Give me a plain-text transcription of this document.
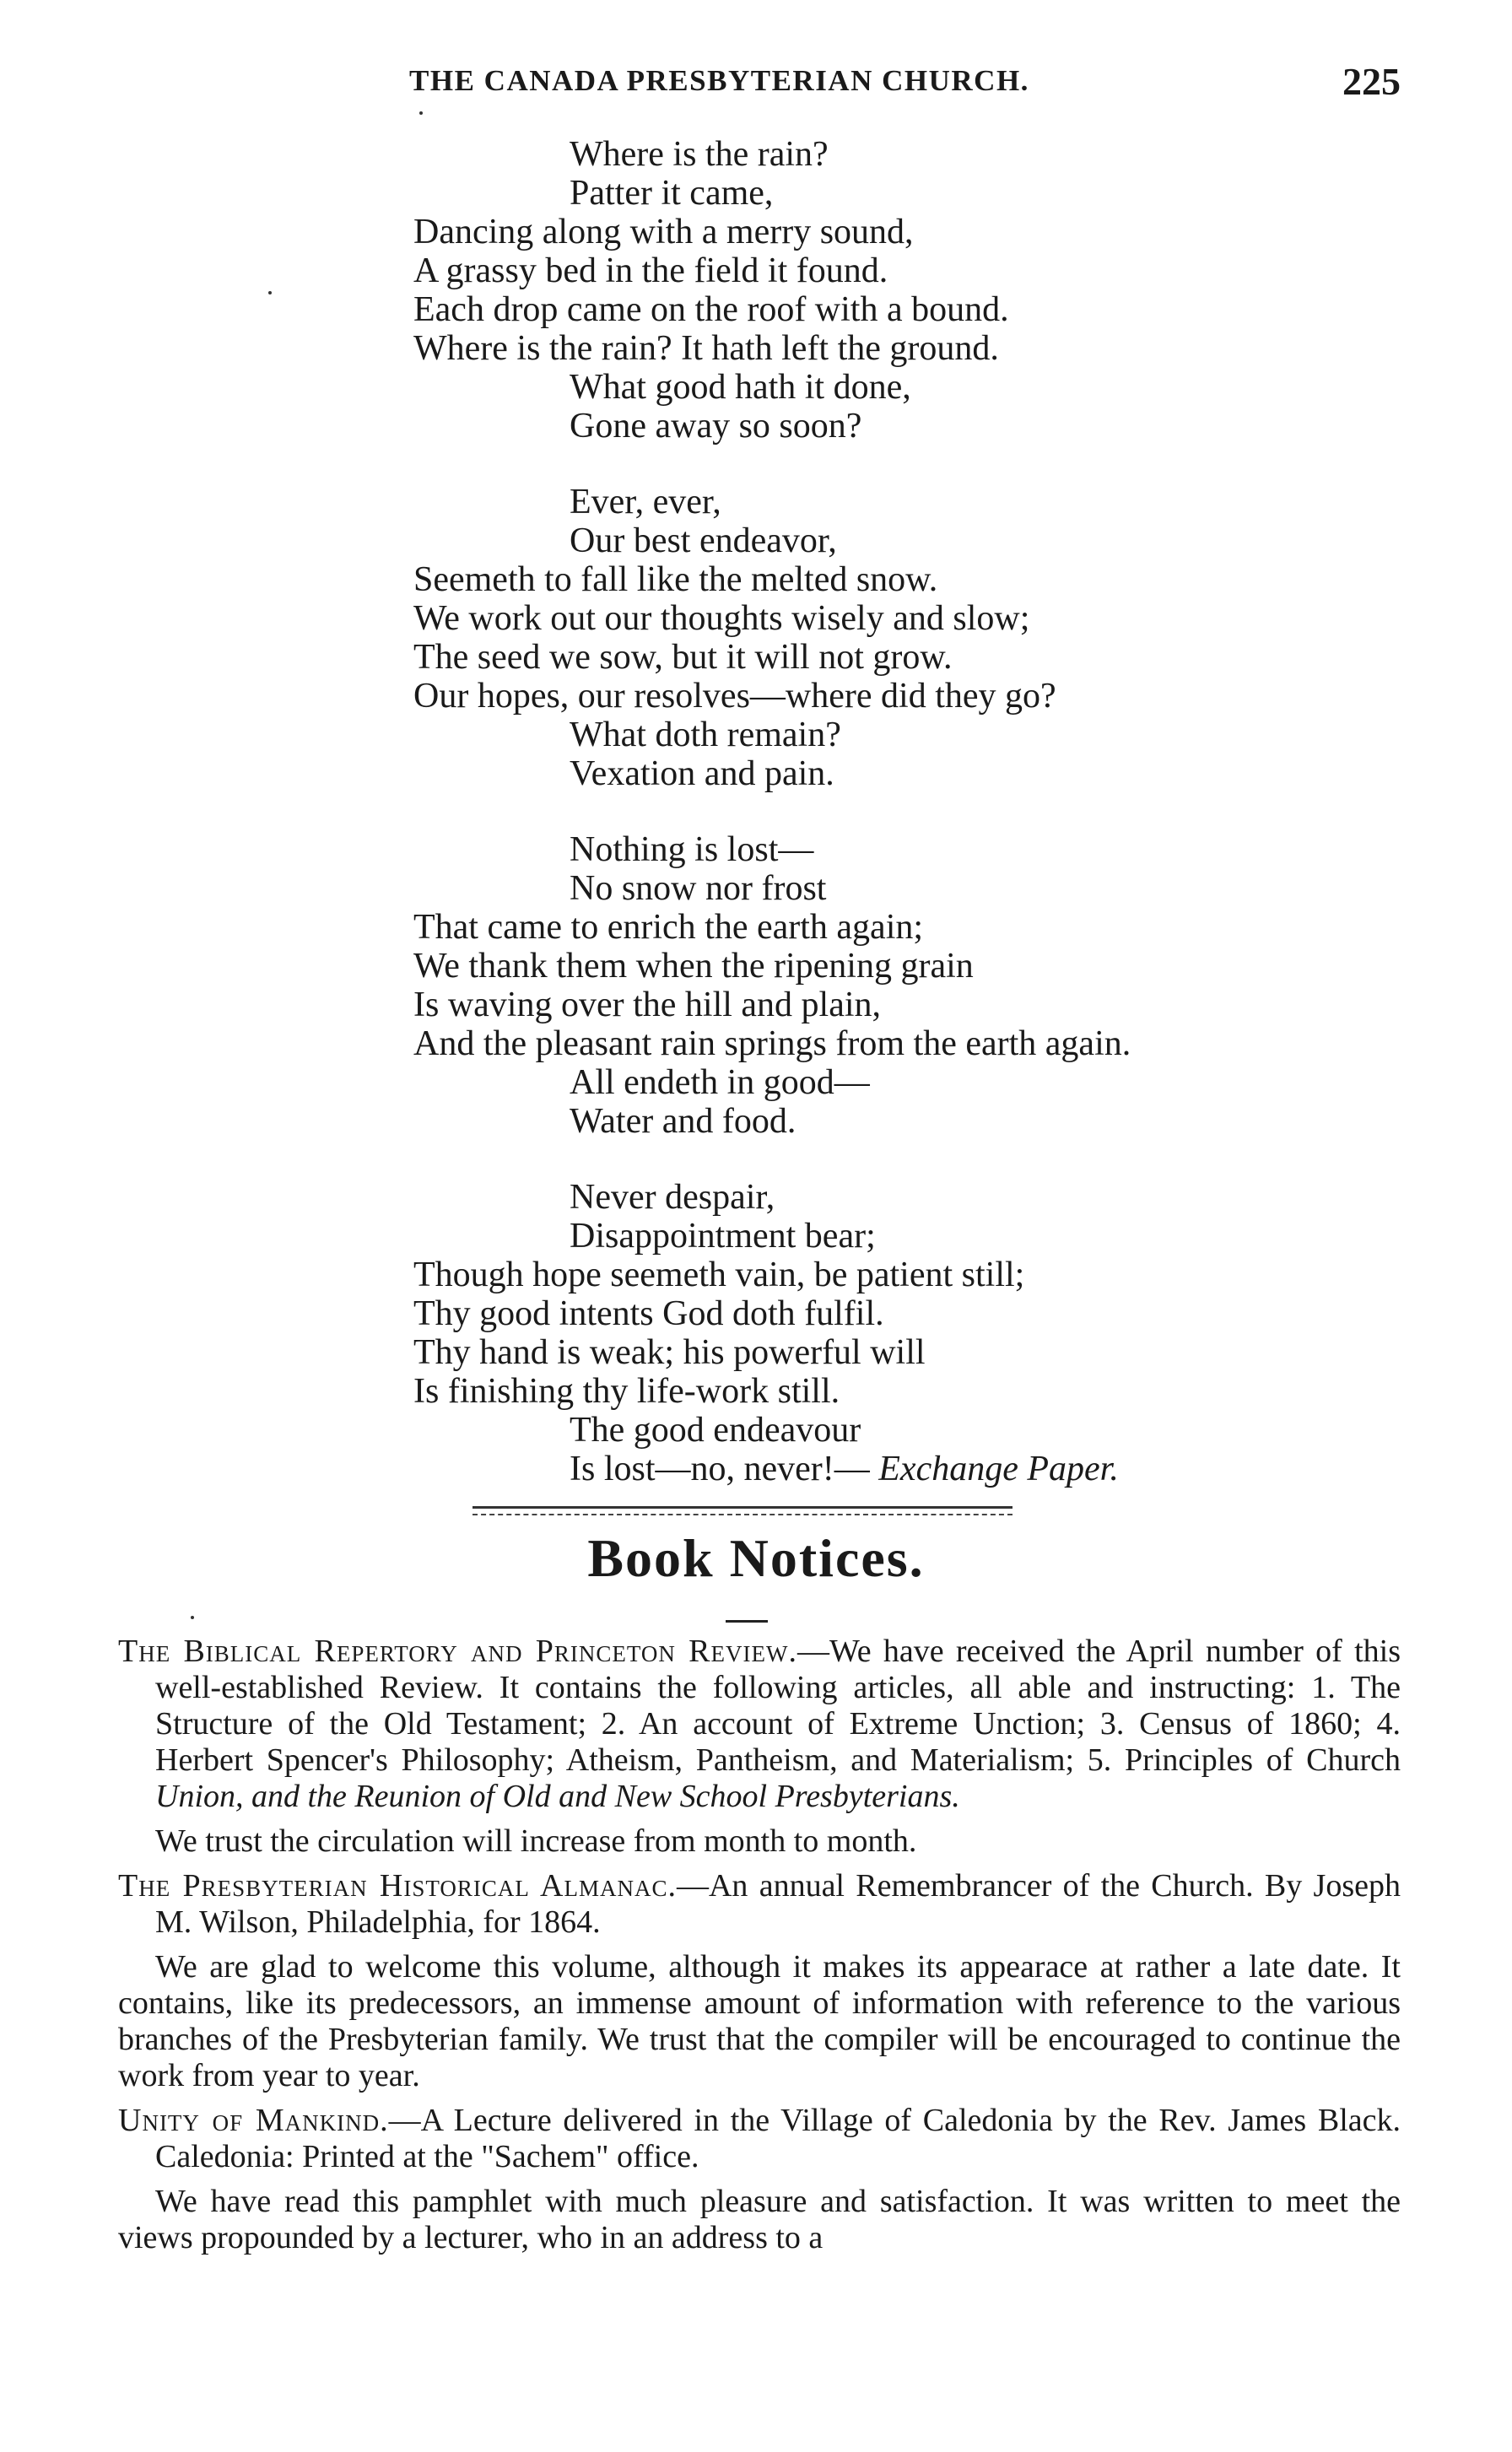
THE CANADA PRESBYTERIAN CHURCH.	225
Where is the rain?
Patter it came,
Dancing along with a merry sound,
A grassy bed in the field it found.
Each drop came on the roof with a bound.
Where is the rain? It hath left the ground.
What good hath it done,
Gone away so soon?
Ever, ever,
Our best endeavor,
Seemeth to fall like the melted snow.
We work out our thoughts wisely and slow;
The seed we sow, but it will not grow.
Our hopes, our resolves—where did they go?
What doth remain?
Vexation and pain.
Nothing is lost—
No snow nor frost
That came to enrich the earth again;
We thank them when the ripening grain
Is waving over the hill and plain,
And the pleasant rain springs from the earth again.
All endeth in good—
Water and food.
Never despair,
Disappointment bear;
Though hope seemeth vain, be patient still;
Thy good intents God doth fulfil.
Thy hand is weak; his powerful will
Is finishing thy life-work still.
The good endeavour
Is lost—no, never!— Exchange Paper.
Book Notices.
The Biblical Repertory and Princeton Review.—We have received the April number of this well-established Review. It contains the following articles, all able and instructing: 1. The Structure of the Old Testament; 2. An account of Extreme Unction; 3. Census of 1860; 4. Herbert Spencer's Philosophy; Atheism, Pantheism, and Materialism; 5. Principles of Church Union, and the Reunion of Old and New School Presbyterians.
We trust the circulation will increase from month to month.
The Presbyterian Historical Almanac.—An annual Remembrancer of the Church. By Joseph M. Wilson, Philadelphia, for 1864.
We are glad to welcome this volume, although it makes its appearace at rather a late date. It contains, like its predecessors, an immense amount of information with reference to the various branches of the Presbyterian family. We trust that the compiler will be encouraged to continue the work from year to year.
Unity of Mankind.—A Lecture delivered in the Village of Caledonia by the Rev. James Black. Caledonia: Printed at the "Sachem" office.
We have read this pamphlet with much pleasure and satisfaction. It was written to meet the views propounded by a lecturer, who in an address to a
